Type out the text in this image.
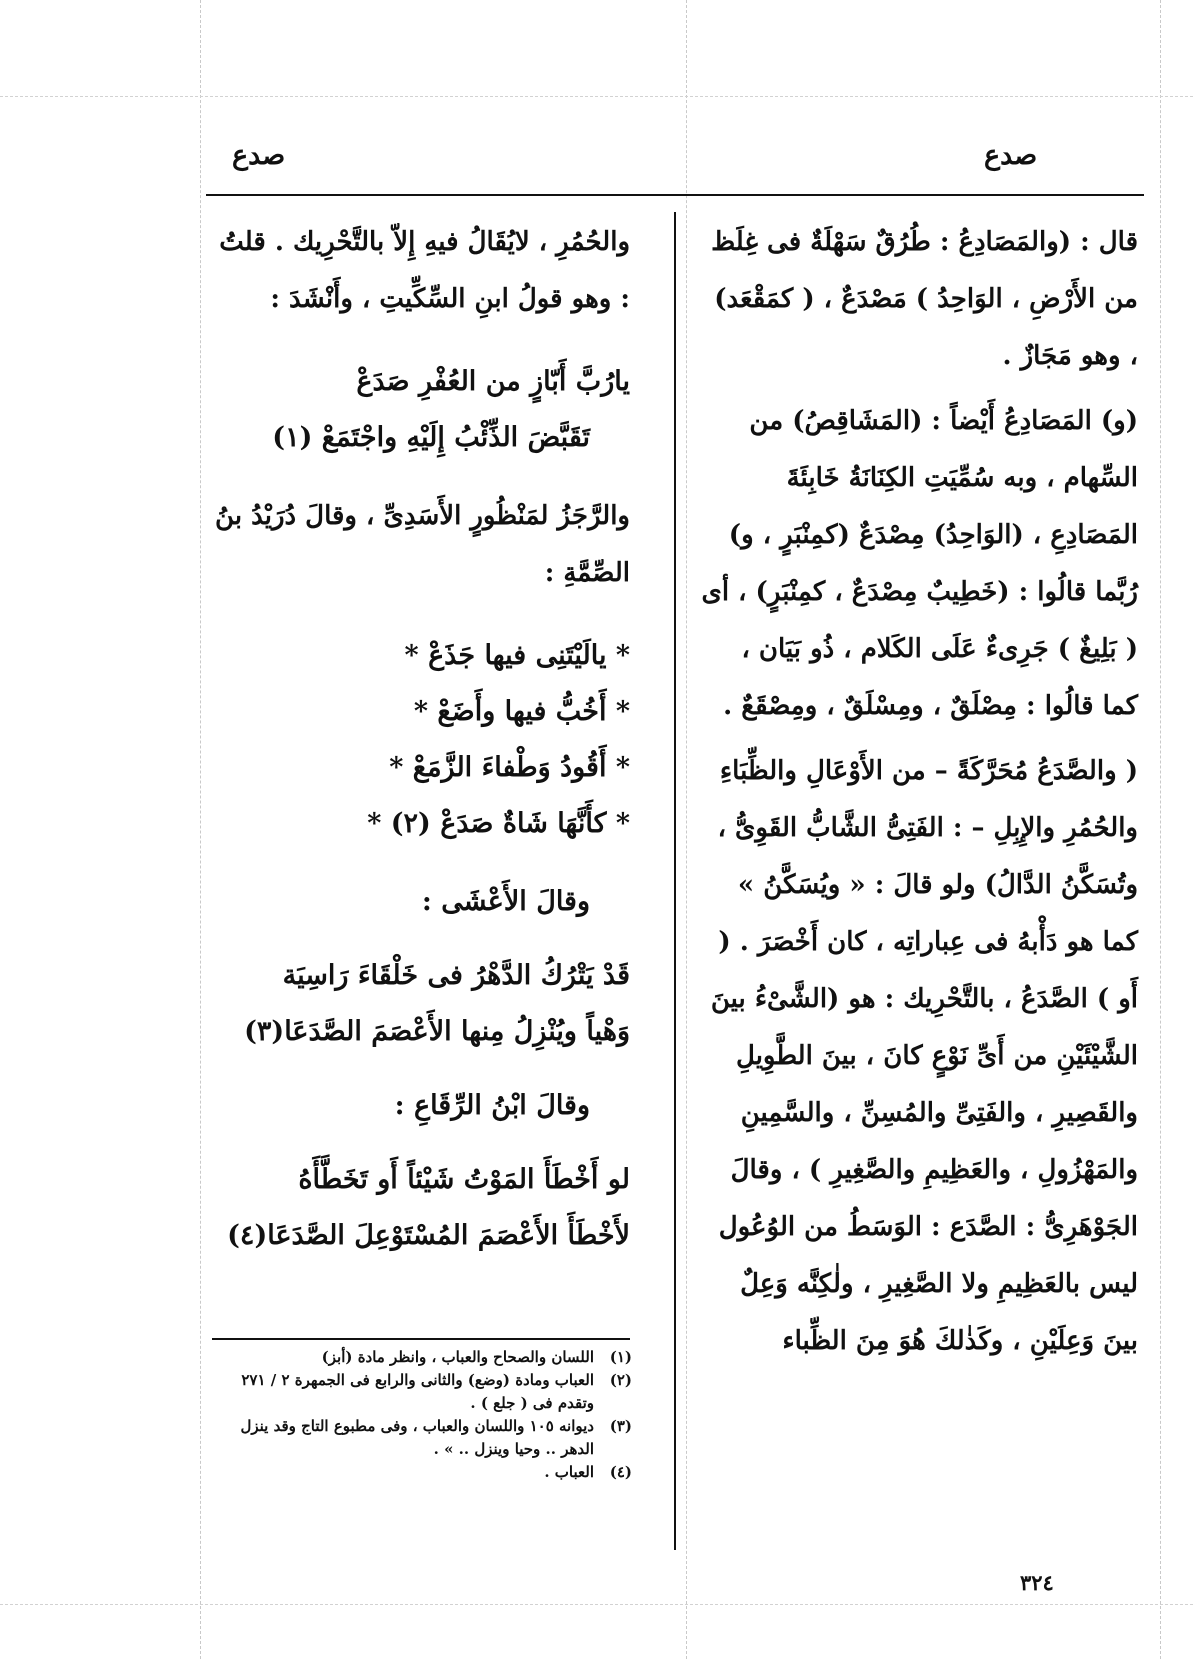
صدع
صدع

قال : (والمَصَادِعُ : طُرُقٌ سَهْلَةٌ فى غِلَظ من الأَرْضِ ، الوَاحِدُ ) مَصْدَعٌ ، ( كمَقْعَد) ، وهو مَجَازٌ .

(و) المَصَادِعُ أَيْضاً : (المَشَاقِصُ) من السِّهام ، وبه سُمِّيَتِ الكِنَانَةُ خَابِئَةَ المَصَادِعِ ، (الوَاحِدُ) مِصْدَعٌ (كمِنْبَرٍ ، و) رُبَّما قالُوا : (خَطِيبٌ مِصْدَعٌ ، كمِنْبَرٍ) ، أى ( بَلِيغٌ ) جَرِىءٌ عَلَى الكَلام ، ذُو بَيَان ، كما قالُوا : مِصْلَقٌ ، ومِسْلَقٌ ، ومِصْقَعٌ .

( والصَّدَعُ مُحَرَّكَةً – من الأَوْعَالِ والظِّبَاءِ والحُمُرِ والإِبِلِ – : الفَتِىُّ الشَّابُّ القَوِىُّ ، وتُسَكَّنُ الدَّالُ) ولو قالَ : « ويُسَكَّنُ » كما هو دَأْبهُ فى عِباراتِه ، كان أَخْصَرَ . ( أَو ) الصَّدَعُ ، بالتَّحْرِيك : هو (الشَّىْءُ بينَ الشَّيْئَيْنِ من أَىِّ نَوْعٍ كانَ ، بينَ الطَّوِيلِ والقَصِيرِ ، والفَتِىِّ والمُسِنِّ ، والسَّمِينِ والمَهْزُولِ ، والعَظِيمِ والصَّغِيرِ ) ، وقالَ الجَوْهَرِىُّ : الصَّدَع : الوَسَطُ من الوُعُول ليس بالعَظِيمِ ولا الصَّغِيرِ ، ولٰكِنَّه وَعِلٌ بينَ وَعِلَيْنِ ، وكَذٰلكَ هُوَ مِنَ الظِّباء

والحُمُرِ ، لايُقَالُ فيهِ إِلاّ بالتَّحْرِيك . قلتُ : وهو قولُ ابنِ السِّكِّيتِ ، وأَنْشَدَ :

يارُبَّ أَبّازٍ من العُفْرِ صَدَعْ

تَقَبَّضَ الذِّئْبُ إِلَيْهِ واجْتَمَعْ (١)

والرَّجَزُ لمَنْظُورٍ الأَسَدِىِّ ، وقالَ دُرَيْدُ بنُ الصِّمَّةِ :

* يالَيْتَنِى فيها جَذَعْ *

* أَخُبُّ فيها وأَضَعْ *

* أَقُودُ وَطْفاءَ الزَّمَعْ *

* كأَنَّهَا شَاةٌ صَدَعْ (٢) *

وقالَ الأَعْشَى :

قَدْ يَتْرُكُ الدَّهْرُ فى خَلْقَاءَ رَاسِيَة

وَهْياً ويُنْزِلُ مِنها الأَعْصَمَ الصَّدَعَا(٣)

وقالَ ابْنُ الرِّقَاعِ :

لو أَخْطَأَ المَوْتُ شَيْئاً أَو تَخَطَّأَهُ

لأَخْطَأَ الأَعْصَمَ المُسْتَوْعِلَ الصَّدَعَا(٤)

(١)
اللسان والصحاح والعباب ، وانظر مادة (أبز)
(٢)
العباب ومادة (وضع) والثانى والرابع فى الجمهرة ٢ / ٢٧١ وتقدم فى ( جلع ) .
(٣)
ديوانه ١٠٥ واللسان والعباب ، وفى مطبوع التاج وقد ينزل الدهر .. وحيا وينزل .. » .
(٤)
العباب .
٣٢٤
